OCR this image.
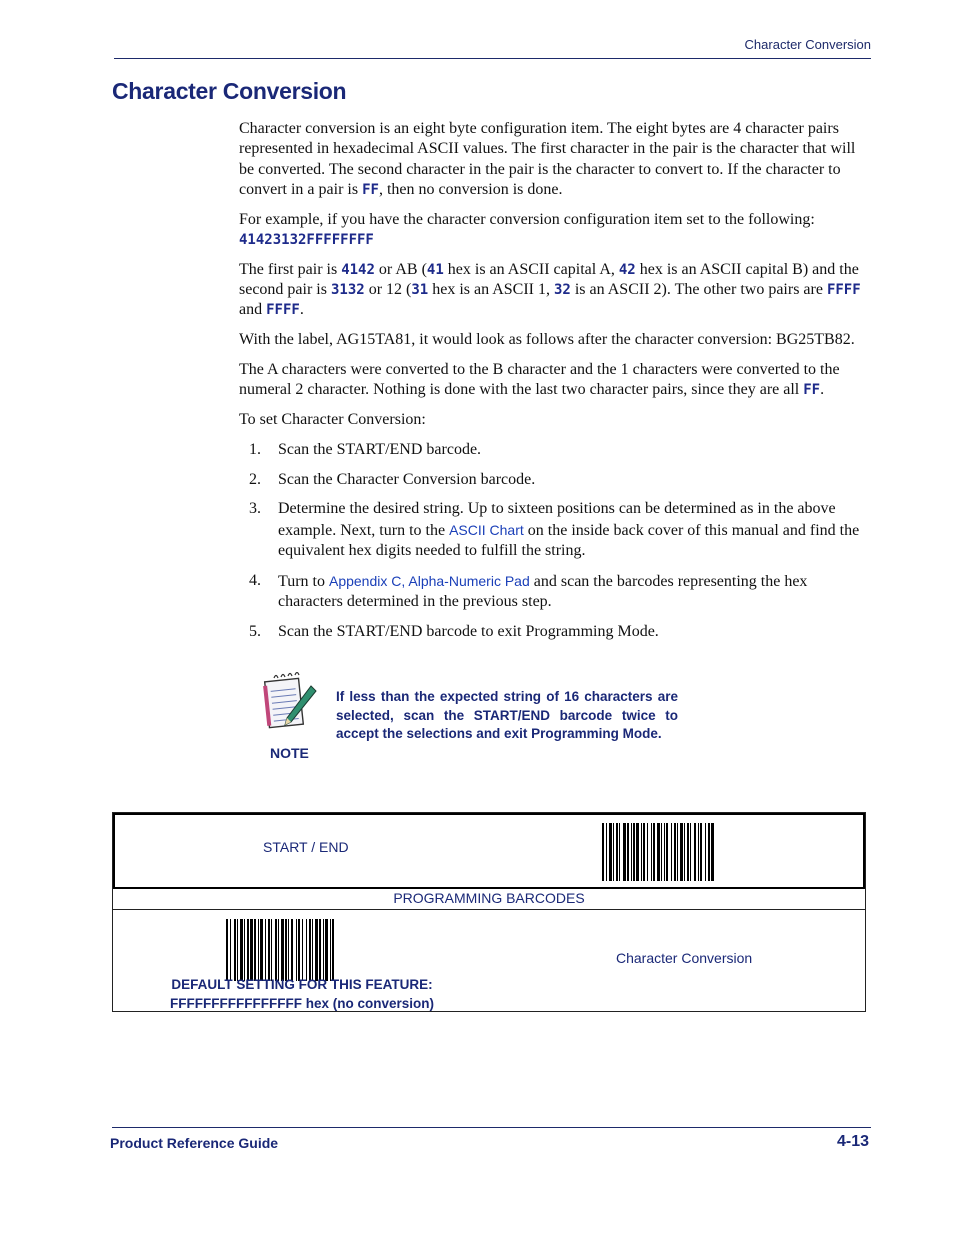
Character Conversion
Character Conversion

Character conversion is an eight byte configuration item. The eight bytes are 4 character pairs represented in hexadecimal ASCII values. The first character in the pair is the character that will be converted. The second character in the pair is the character to convert to. If the character to convert in a pair is FF, then no conversion is done.

For example, if you have the character conversion configuration item set to the following:
41423132FFFFFFFF

The first pair is 4142 or AB (41 hex is an ASCII capital A, 42 hex is an ASCII capital B) and the second pair is 3132 or 12 (31 hex is an ASCII 1, 32 is an ASCII 2). The other two pairs are FFFF and FFFF.

With the label, AG15TA81, it would look as follows after the character conversion: BG25TB82.

The A characters were converted to the B character and the 1 characters were converted to the numeral 2 character. Nothing is done with the last two character pairs, since they are all FF.

To set Character Conversion:

1. Scan the START/END barcode.
2. Scan the Character Conversion barcode.
3. Determine the desired string. Up to sixteen positions can be determined as in the above example. Next, turn to the ASCII Chart on the inside back cover of this manual and find the equivalent hex digits needed to fulfill the string.
4. Turn to Appendix C, Alpha-Numeric Pad and scan the barcodes representing the hex characters determined in the previous step.
5. Scan the START/END barcode to exit Programming Mode.
NOTE
If less than the expected string of 16 characters are selected, scan the START/END barcode twice to accept the selections and exit Programming Mode.
START / END
PROGRAMMING BARCODES
Character Conversion
DEFAULT SETTING FOR THIS FEATURE:
FFFFFFFFFFFFFFFF hex (no conversion)
Product Reference Guide	4-13
